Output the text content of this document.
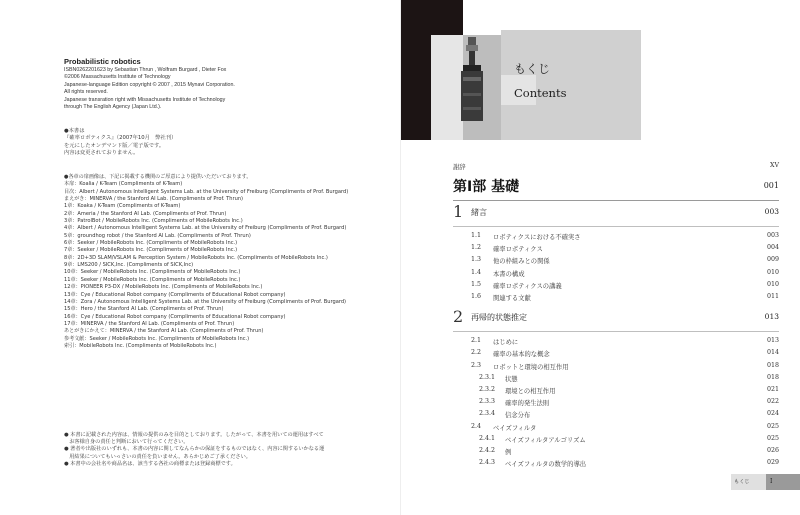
Probabilistic robotics
ISBN0262201623 by Sebastian Thrun , Wolfram Burgard , Dieter Fox
©2006 Massachusetts Institute of Technology
Japanese-language Edition copyright © 2007 , 2015 Mynavi Corporation.
All rights reserved.
Japanese transration right with Missachusetts Institute of Technology
through The English Agency (Japan Ltd.).
●本書は
『確率ロボティクス』（2007年10月　弊社刊）
を元にしたオンデマンド版／電子版です。
内容は変更されておりません。
●各章の扉画像は、下記に掲載する機関のご厚意により提供いただいております。
本扉：Koalia / K-Team (Compliments of K-Team)
目次：Albert / Autonomous Intelligent Systems Lab. at the University of Freiburg (Compliments of Prof. Burgard)
まえがき：MINERVA / the Stanford AI Lab. (Compliments of Prof. Thrun)
1章：Koaka / K-Team (Compliments of K-Team)
2章：Ameria / the Stanford AI Lab. (Compliments of Prof. Thrun)
3章：PatrolBot / MobileRobots Inc. (Compliments of MobileRobots Inc.)
4章：Albert / Autonomous Intelligent Systems Lab. at the University of Freiburg (Compliments of Prof. Burgard)
5章：groundhog robot / the Stanford AI Lab. (Compliments of Prof. Thrun)
6章：Seeker / MobileRobots Inc. (Compliments of MobileRobots Inc.)
7章：Seeker / MobileRobots Inc. (Compliments of MobileRobots Inc.)
8章：2D+3D SLAM/VSLAM & Perception System / MobileRobots Inc. (Compliments of MobileRobots Inc.)
9章：LMS200 / SICK,Inc. (Compliments of SICK,Inc)
10章：Seeker / MobileRobots Inc. (Compliments of MobileRobots Inc.)
11章：Seeker / MobileRobots Inc. (Compliments of MobileRobots Inc.)
12章：PIONEER P3-DX / MobileRobots Inc. (Compliments of MobileRobots Inc.)
13章：Cye / Educational Robot company (Compliments of Educational Robot company)
14章：Zora / Autonomous Intelligent Systems Lab. at the University of Freiburg (Compliments of Prof. Burgard)
15章：Hero / the Stanford AI Lab. (Compliments of Prof. Thrun)
16章：Cye / Educational Robot company (Compliments of Educational Robot company)
17章：MINERVA / the Stanford AI Lab. (Compliments of Prof. Thrun)
あとがきにかえて：MINERVA / the Stanford AI Lab. (Compliments of Prof. Thrun)
参考文献：Seeker / MobileRobots Inc. (Compliments of MobileRobots Inc.)
索引：MobileRobots Inc. (Compliments of MobileRobots Inc.)
● 本書に記載された内容は、情報の提供のみを目的としております。したがって、本書を用いての運用はすべて
　お客様自身の責任と判断において行ってください。
● 著者や出版社のいずれも、本書の内容に関してなんらかの保証をするものではなく、内容に関するいかなる運
　用結果についてもいっさいの責任を負いません。あらかじめご了承ください。
● 本書中の会社名や商品名は、該当する各社の商標または登録商標です。
もくじ
Contents
謝辞	XV
第Ⅰ部 基礎	001
1 緒言	003
1.1 ロボティクスにおける不確実さ	003
1.2 確率ロボティクス	004
1.3 他の枠組みとの関係	009
1.4 本書の構成	010
1.5 確率ロボティクスの講義	010
1.6 関連する文献	011
2 再帰的状態推定	013
2.1 はじめに	013
2.2 確率の基本的な概念	014
2.3 ロボットと環境の相互作用	018
2.3.1 状態	018
2.3.2 環境との相互作用	021
2.3.3 確率的発生法則	022
2.3.4 信念分布	024
2.4 ベイズフィルタ	025
2.4.1 ベイズフィルタアルゴリズム	025
2.4.2 例	026
2.4.3 ベイズフィルタの数学的導出	029
もくじ	I
